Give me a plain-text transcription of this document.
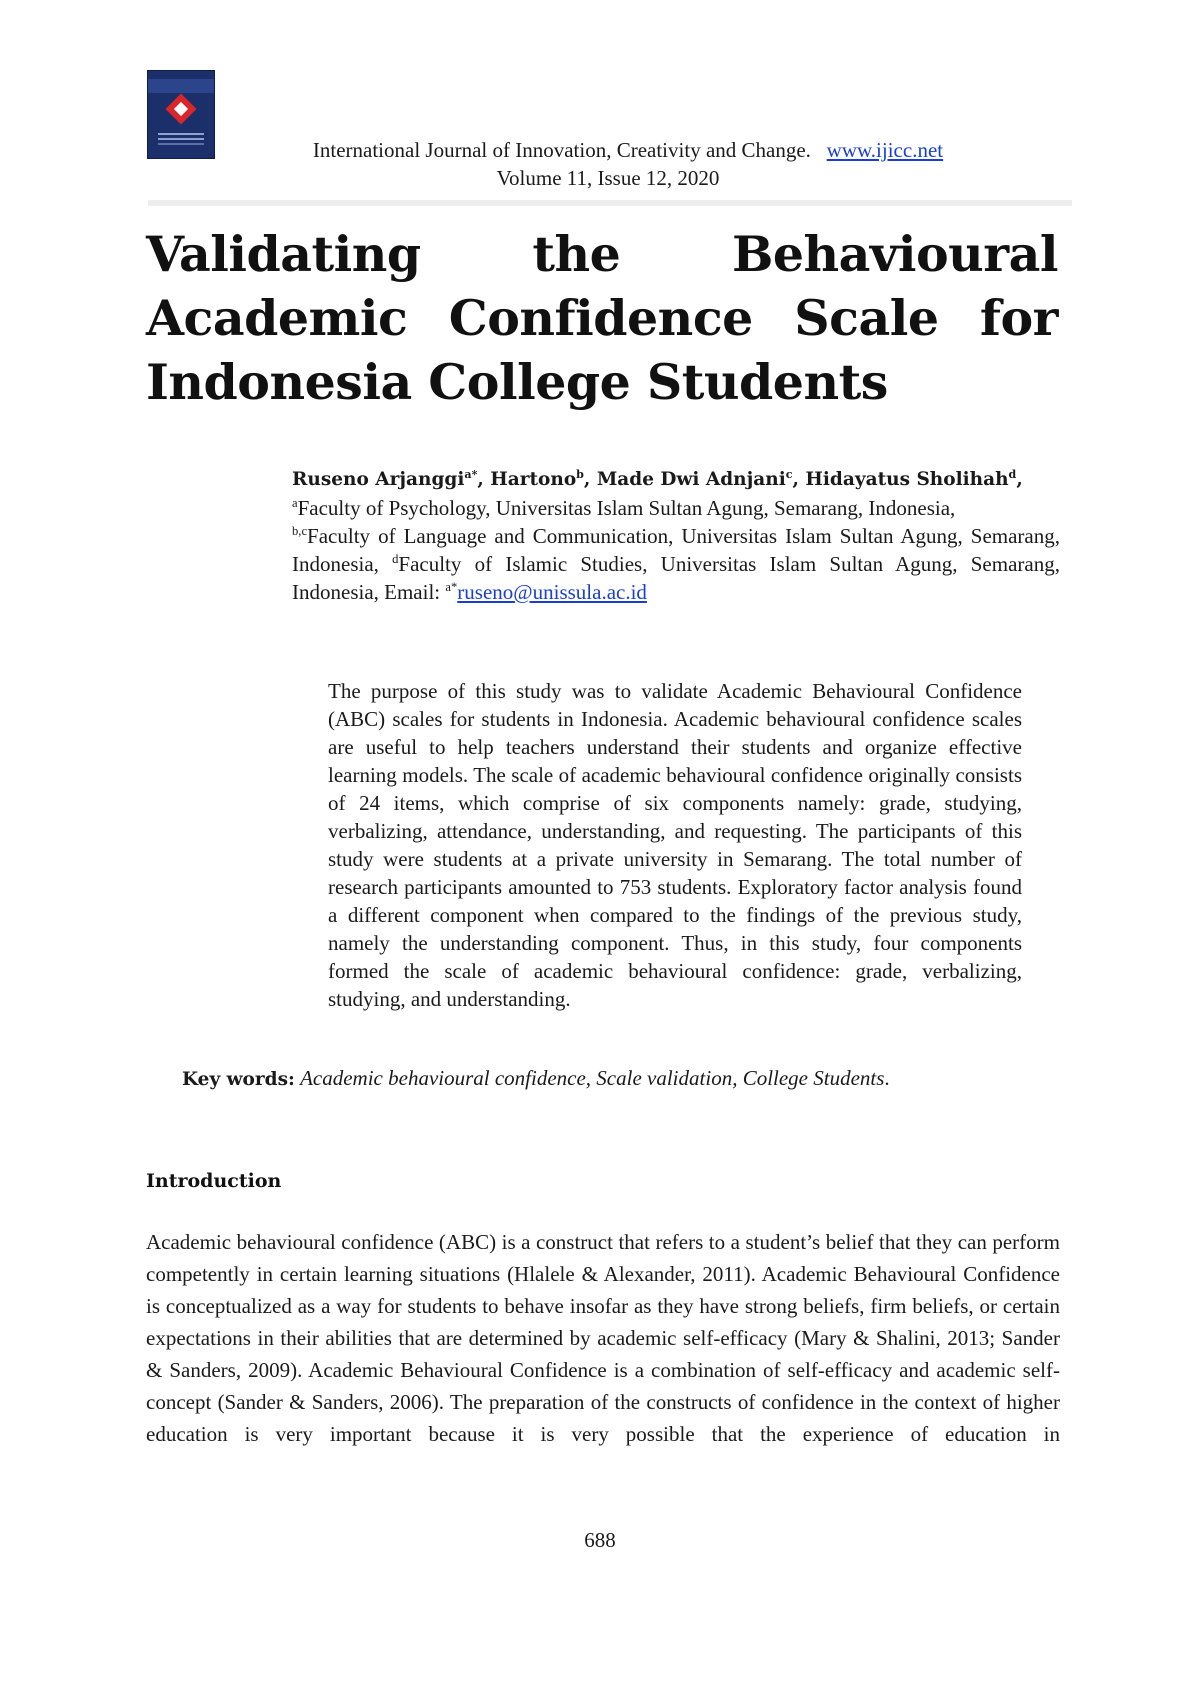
International Journal of Innovation, Creativity and Change. www.ijicc.net
Volume 11, Issue 12, 2020
Validating the Behavioural Academic Confidence Scale for Indonesia College Students

Ruseno Arjanggi$^{a*}$, Hartono$^b$, Made Dwi Adnjani$^c$, Hidayatus Sholihah$^d$,

$^a$Faculty of Psychology, Universitas Islam Sultan Agung, Semarang, Indonesia,

$^{b,c}$Faculty of Language and Communication, Universitas Islam Sultan Agung, Semarang, Indonesia, $^d$Faculty of Islamic Studies, Universitas Islam Sultan Agung, Semarang, Indonesia, Email: $^{a*}$ruseno@unissula.ac.id

The purpose of this study was to validate Academic Behavioural Confidence (ABC) scales for students in Indonesia. Academic behavioural confidence scales are useful to help teachers understand their students and organize effective learning models. The scale of academic behavioural confidence originally consists of 24 items, which comprise of six components namely: grade, studying, verbalizing, attendance, understanding, and requesting. The participants of this study were students at a private university in Semarang. The total number of research participants amounted to 753 students. Exploratory factor analysis found a different component when compared to the findings of the previous study, namely the understanding component. Thus, in this study, four components formed the scale of academic behavioural confidence: grade, verbalizing, studying, and understanding.

Key words: Academic behavioural confidence, Scale validation, College Students.
Introduction

Academic behavioural confidence (ABC) is a construct that refers to a student’s belief that they can perform competently in certain learning situations (Hlalele & Alexander, 2011). Academic Behavioural Confidence is conceptualized as a way for students to behave insofar as they have strong beliefs, firm beliefs, or certain expectations in their abilities that are determined by academic self-efficacy (Mary & Shalini, 2013; Sander & Sanders, 2009). Academic Behavioural Confidence is a combination of self-efficacy and academic self-concept (Sander & Sanders, 2006). The preparation of the constructs of confidence in the context of higher education is very important because it is very possible that the experience of education in

688
